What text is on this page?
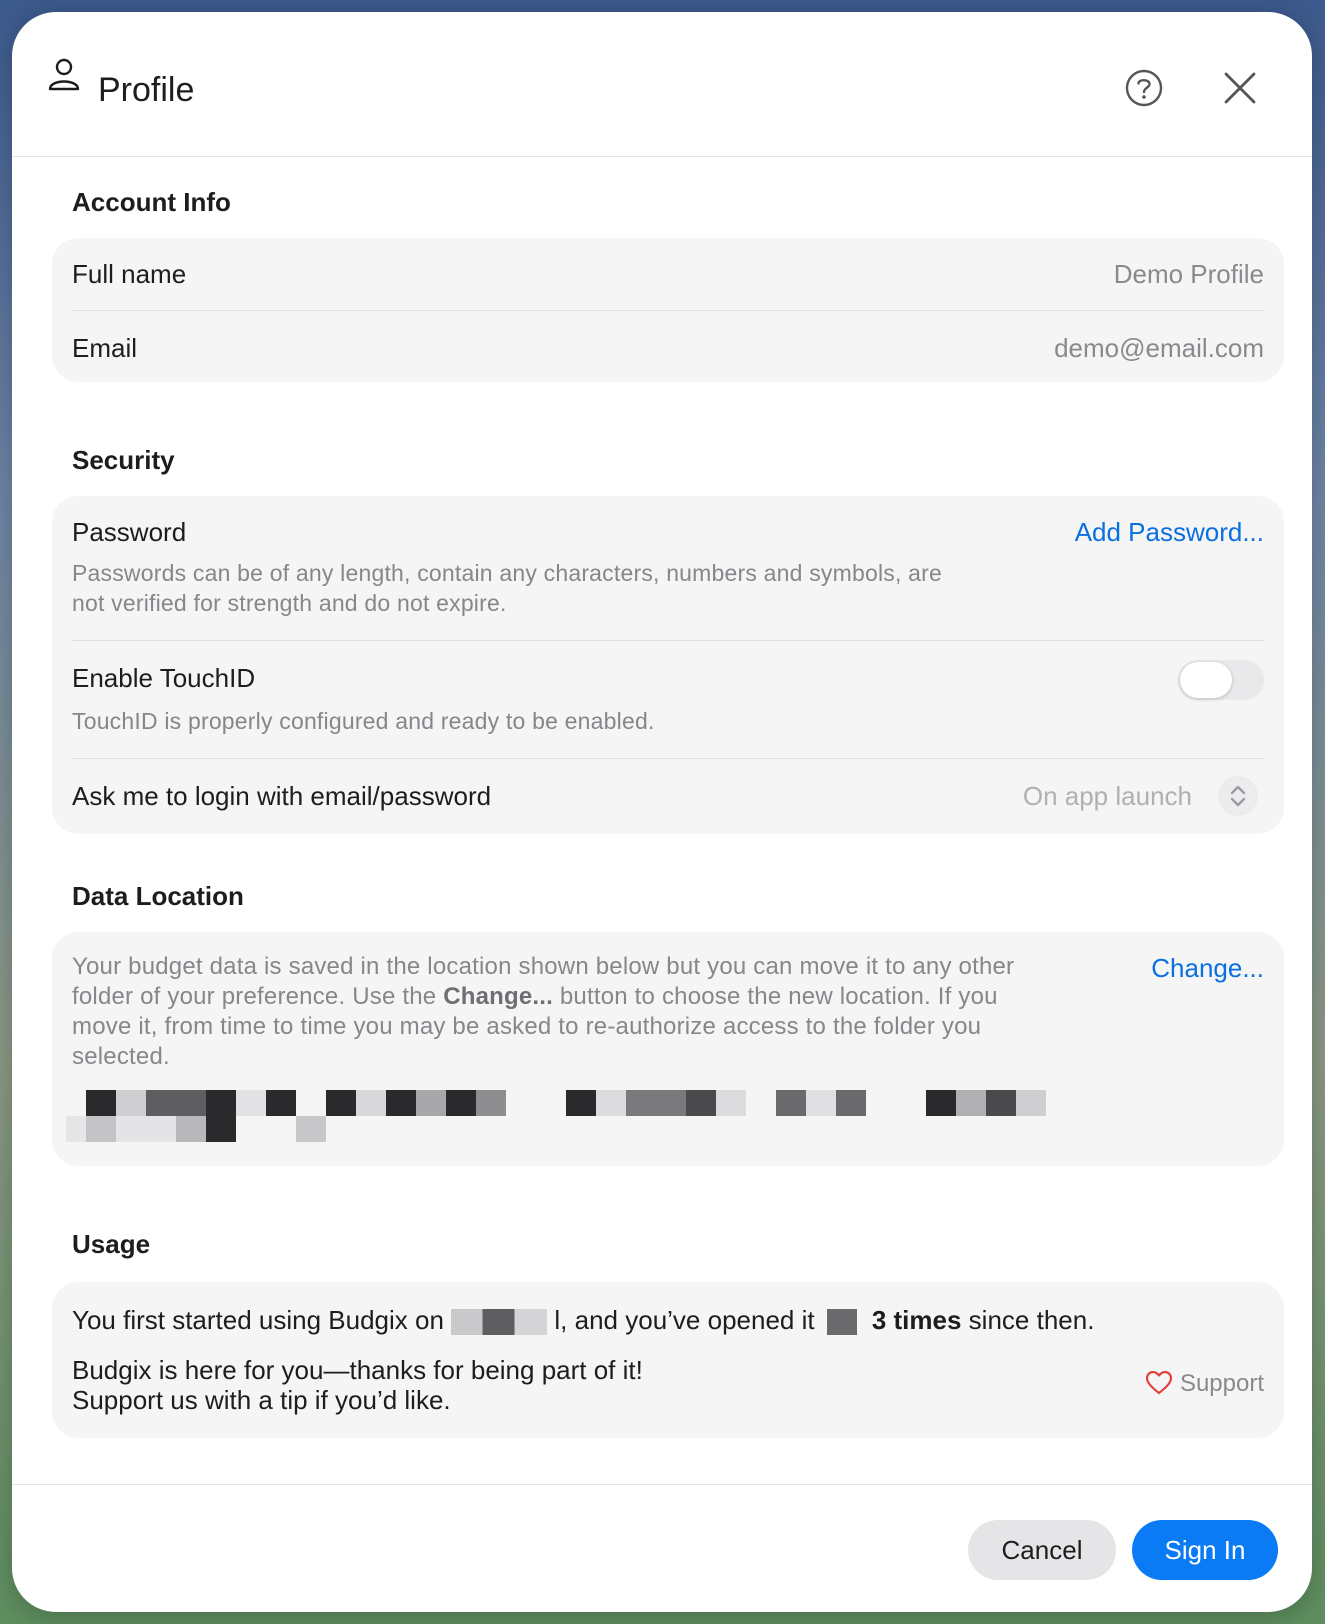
Profile
Account Info
Full name	Demo Profile
Email	demo@email.com
Security
Password	Add Password...
Passwords can be of any length, contain any characters, numbers and symbols, are
not verified for strength and do not expire.
Enable TouchID
TouchID is properly configured and ready to be enabled.
Ask me to login with email/password	On app launch
Data Location
Your budget data is saved in the location shown below but you can move it to any other
folder of your preference. Use the Change... button to choose the new location. If you
move it, from time to time you may be asked to re-authorize access to the folder you
selected.
Change...
Usage
You first started using Budgix on	l, and you’ve opened it 3 times since then.
Budgix is here for you—thanks for being part of it!
Support us with a tip if you’d like.
Support
Cancel	Sign In
